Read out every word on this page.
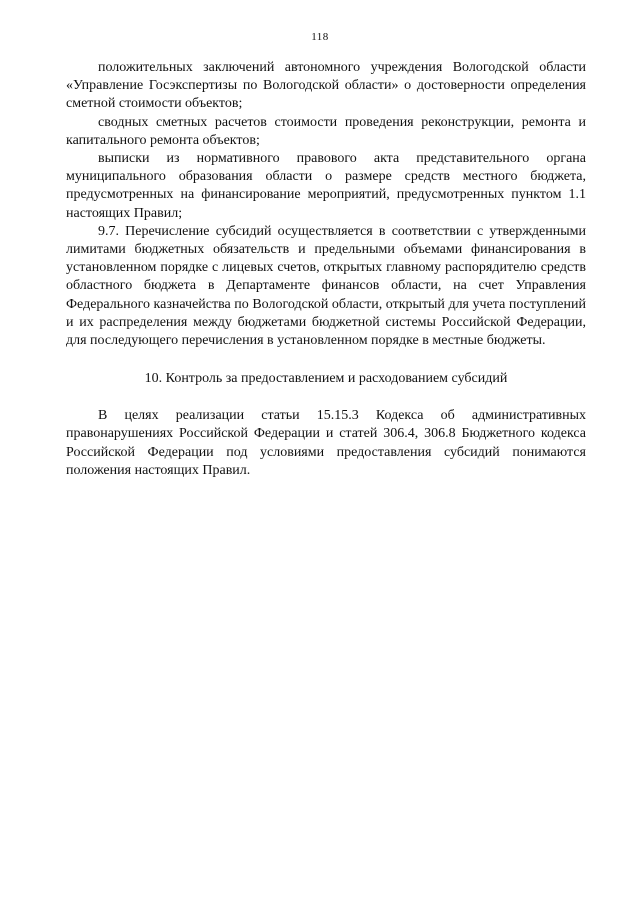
118

положительных заключений автономного учреждения Вологодской области «Управление Госэкспертизы по Вологодской области» о достоверности определения сметной стоимости объектов;

сводных сметных расчетов стоимости проведения реконструкции, ремонта и капитального ремонта объектов;

выписки из нормативного правового акта представительного органа муниципального образования области о размере средств местного бюджета, предусмотренных на финансирование мероприятий, предусмотренных пунктом 1.1 настоящих Правил;

9.7. Перечисление субсидий осуществляется в соответствии с утвержденными лимитами бюджетных обязательств и предельными объемами финансирования в установленном порядке с лицевых счетов, открытых главному распорядителю средств областного бюджета в Департаменте финансов области, на счет Управления Федерального казначейства по Вологодской области, открытый для учета поступлений и их распределения между бюджетами бюджетной системы Российской Федерации, для последующего перечисления в установленном порядке в местные бюджеты.

10. Контроль за предоставлением и расходованием субсидий

В целях реализации статьи 15.15.3 Кодекса об административных правонарушениях Российской Федерации и статей 306.4, 306.8 Бюджетного кодекса Российской Федерации под условиями предоставления субсидий понимаются положения настоящих Правил.
